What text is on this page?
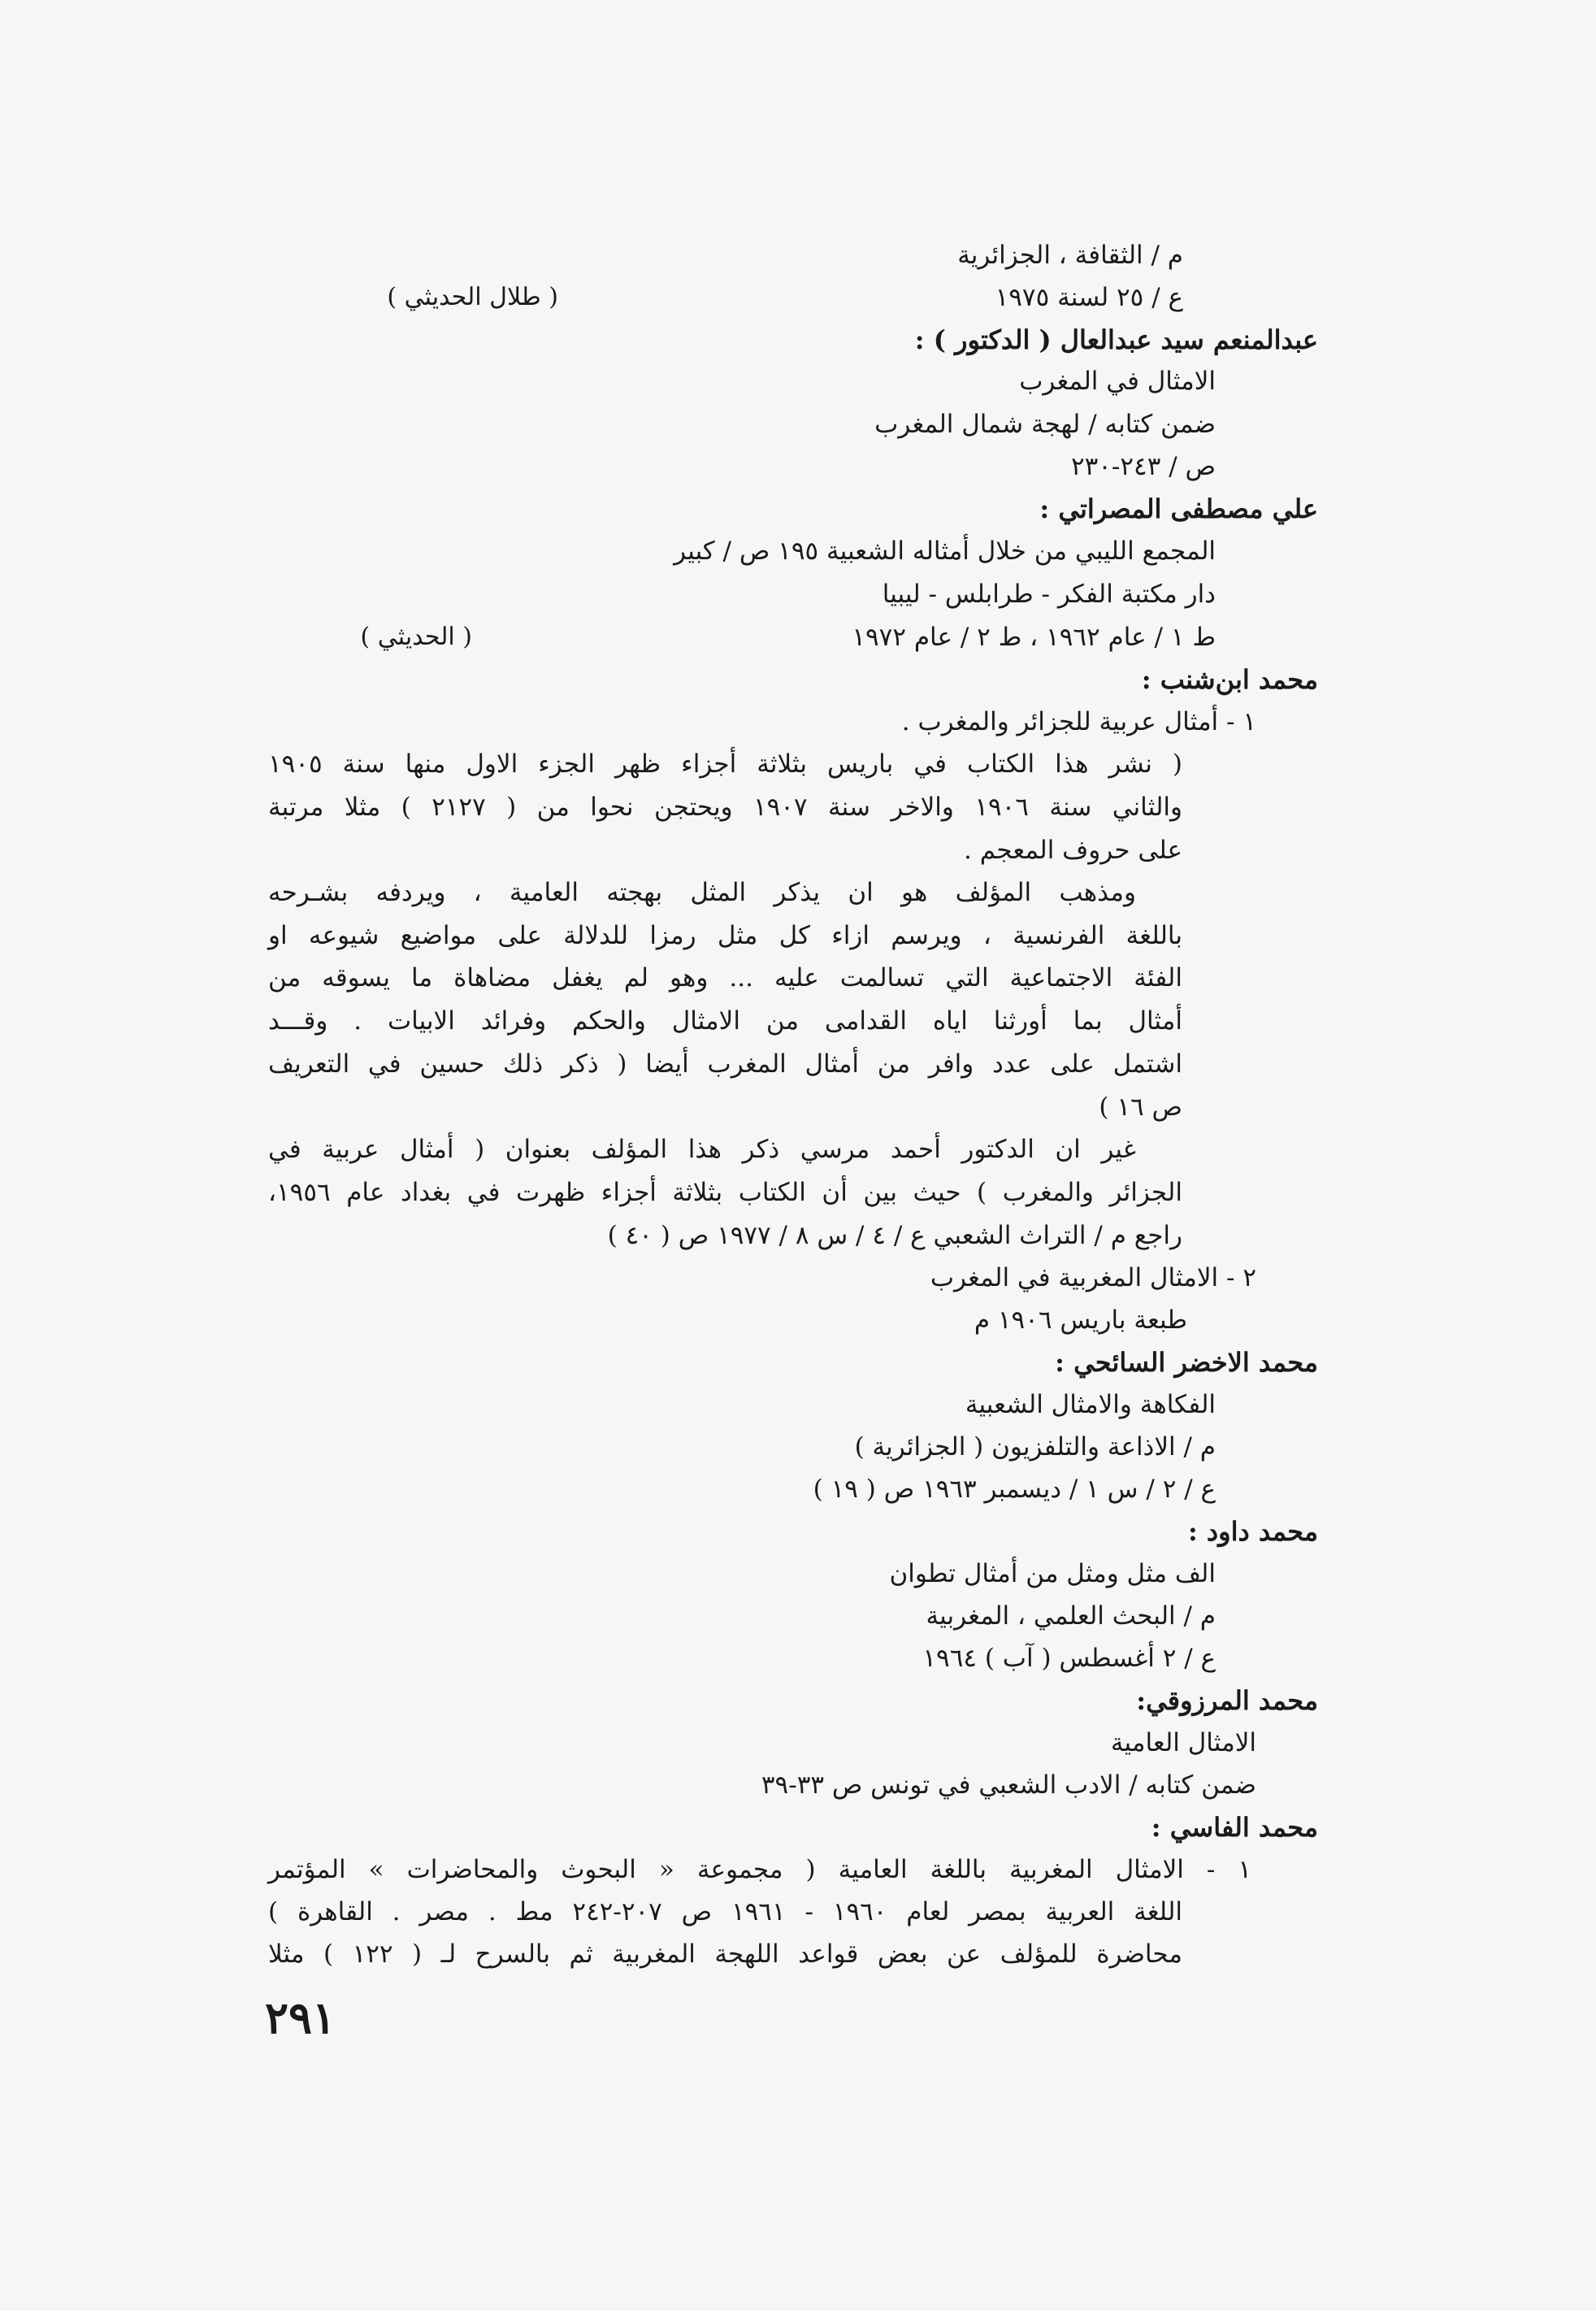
م / الثقافة ، الجزائرية
ع / ٢٥ لسنة ١٩٧٥
( طلال الحديثي )
عبدالمنعم سيد عبدالعال ( الدكتور ) :
الامثال في المغرب
ضمن كتابه / لهجة شمال المغرب
ص / ٢٤٣-٢٣٠
علي مصطفى المصراتي :
المجمع الليبي من خلال أمثاله الشعبية ١٩٥ ص / كبير
دار مكتبة الفكر - طرابلس - ليبيا
ط ١ / عام ١٩٦٢ ، ط ٢ / عام ١٩٧٢
( الحديثي )
محمد ابن‌شنب :
١ - أمثال عربية للجزائر والمغرب .
( نشر هذا الكتاب في باريس بثلاثة أجزاء ظهر الجزء الاول منها سنة ١٩٠٥
والثاني سنة ١٩٠٦ والاخر سنة ١٩٠٧ ويحتجن نحوا من ( ٢١٢٧ ) مثلا مرتبة
على حروف المعجم .
ومذهب المؤلف هو ان يذكر المثل بهجته العامية ، ويردفه بشـرحه
باللغة الفرنسية ، ويرسم ازاء كل مثل رمزا للدلالة على مواضيع شيوعه او
الفئة الاجتماعية التي تسالمت عليه ... وهو لم يغفل مضاهاة ما يسوقه من
أمثال بما أورثنا اياه القدامى من الامثال والحكم وفرائد الابيات . وقـــد
اشتمل على عدد وافر من أمثال المغرب أيضا ( ذكر ذلك حسين في التعريف
ص ١٦ )
غير ان الدكتور أحمد مرسي ذكر هذا المؤلف بعنوان ( أمثال عربية في
الجزائر والمغرب ) حيث بين أن الكتاب بثلاثة أجزاء ظهرت في بغداد عام ١٩٥٦،
راجع م / التراث الشعبي ع / ٤ / س ٨ / ١٩٧٧ ص ( ٤٠ )
٢ - الامثال المغربية في المغرب
طبعة باريس ١٩٠٦ م
محمد الاخضر السائحي :
الفكاهة والامثال الشعبية
م / الاذاعة والتلفزيون ( الجزائرية )
ع / ٢ / س ١ / ديسمبر ١٩٦٣ ص ( ١٩ )
محمد داود :
الف مثل ومثل من أمثال تطوان
م / البحث العلمي ، المغربية
ع / ٢ أغسطس ( آب ) ١٩٦٤
محمد المرزوقي:
الامثال العامية
ضمن كتابه / الادب الشعبي في تونس ص ٣٣-٣٩
محمد الفاسي :
١ - الامثال المغربية باللغة العامية ( مجموعة « البحوث والمحاضرات » المؤتمر
اللغة العربية بمصر لعام ١٩٦٠ - ١٩٦١ ص ٢٠٧-٢٤٢ مط . مصر . القاهرة )
محاضرة للمؤلف عن بعض قواعد اللهجة المغربية ثم بالسرح لـ ( ١٢٢ ) مثلا
٢٩١
